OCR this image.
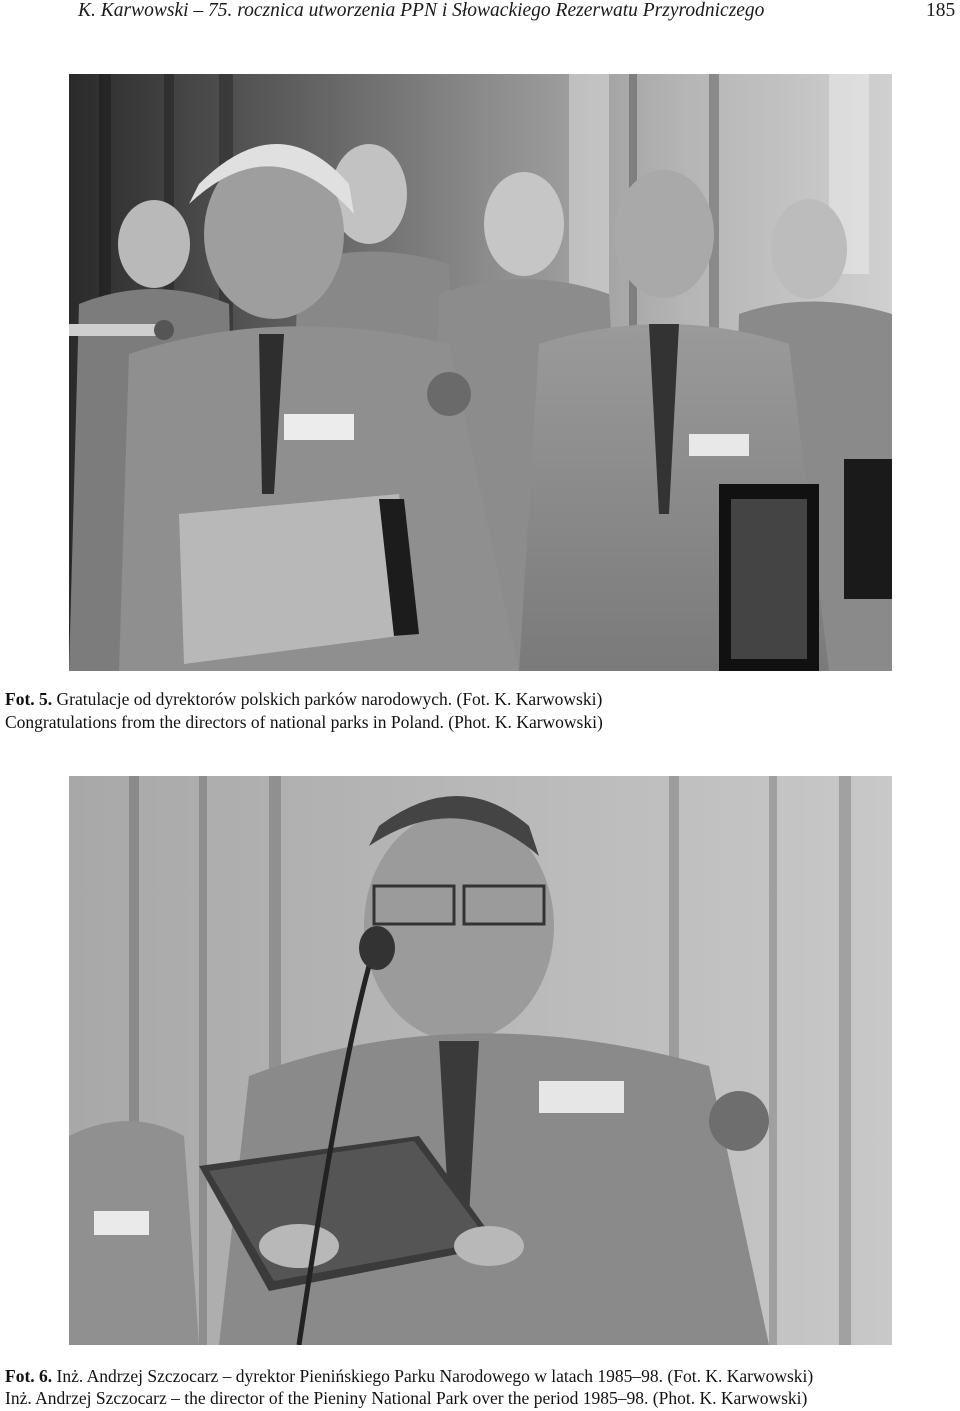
K. Karwowski – 75. rocznica utworzenia PPN i Słowackiego Rezerwatu Przyrodniczego	185
Fot. 5. Gratulacje od dyrektorów polskich parków narodowych. (Fot. K. Karwowski)
Congratulations from the directors of national parks in Poland. (Phot. K. Karwowski)
Fot. 6. Inż. Andrzej Szczocarz – dyrektor Pienińskiego Parku Narodowego w latach 1985–98. (Fot. K. Karwowski)
Inż. Andrzej Szczocarz – the director of the Pieniny National Park over the period 1985–98. (Phot. K. Karwowski)
